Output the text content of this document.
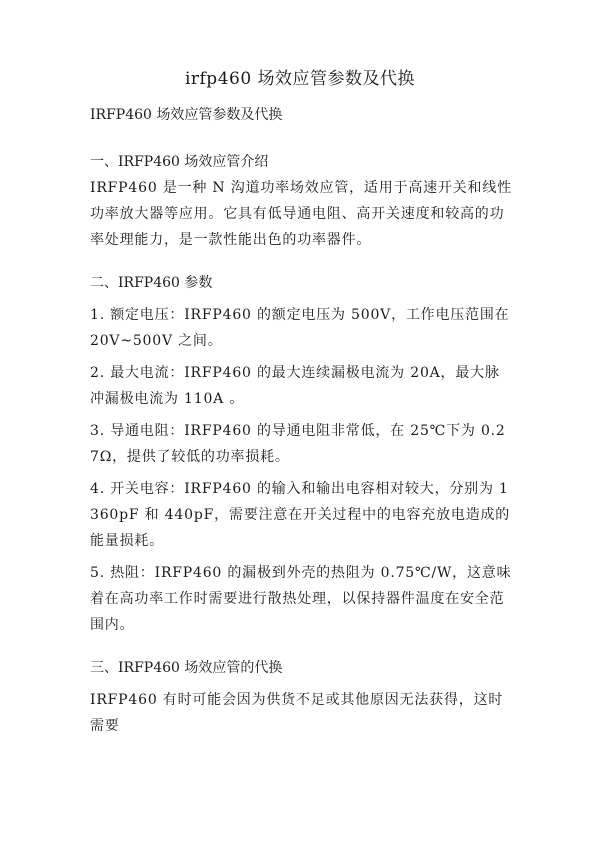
irfp460 场效应管参数及代换
IRFP460 场效应管参数及代换

一、IRFP460 场效应管介绍

IRFP460 是一种 N 沟道功率场效应管，适用于高速开关和线性功率放大器等应用。它具有低导通电阻、高开关速度和较高的功率处理能力，是一款性能出色的功率器件。

二、IRFP460 参数

1. 额定电压：IRFP460 的额定电压为 500V，工作电压范围在 20V~500V 之间。

2. 最大电流：IRFP460 的最大连续漏极电流为 20A，最大脉冲漏极电流为 110A 。

3. 导通电阻：IRFP460 的导通电阻非常低，在 25℃下为 0.27Ω，提供了较低的功率损耗。

4. 开关电容：IRFP460 的输入和输出电容相对较大，分别为 1360pF 和 440pF，需要注意在开关过程中的电容充放电造成的能量损耗。

5. 热阻：IRFP460 的漏极到外壳的热阻为 0.75℃/W，这意味着在高功率工作时需要进行散热处理，以保持器件温度在安全范围内。

三、IRFP460 场效应管的代换

IRFP460 有时可能会因为供货不足或其他原因无法获得，这时需要
